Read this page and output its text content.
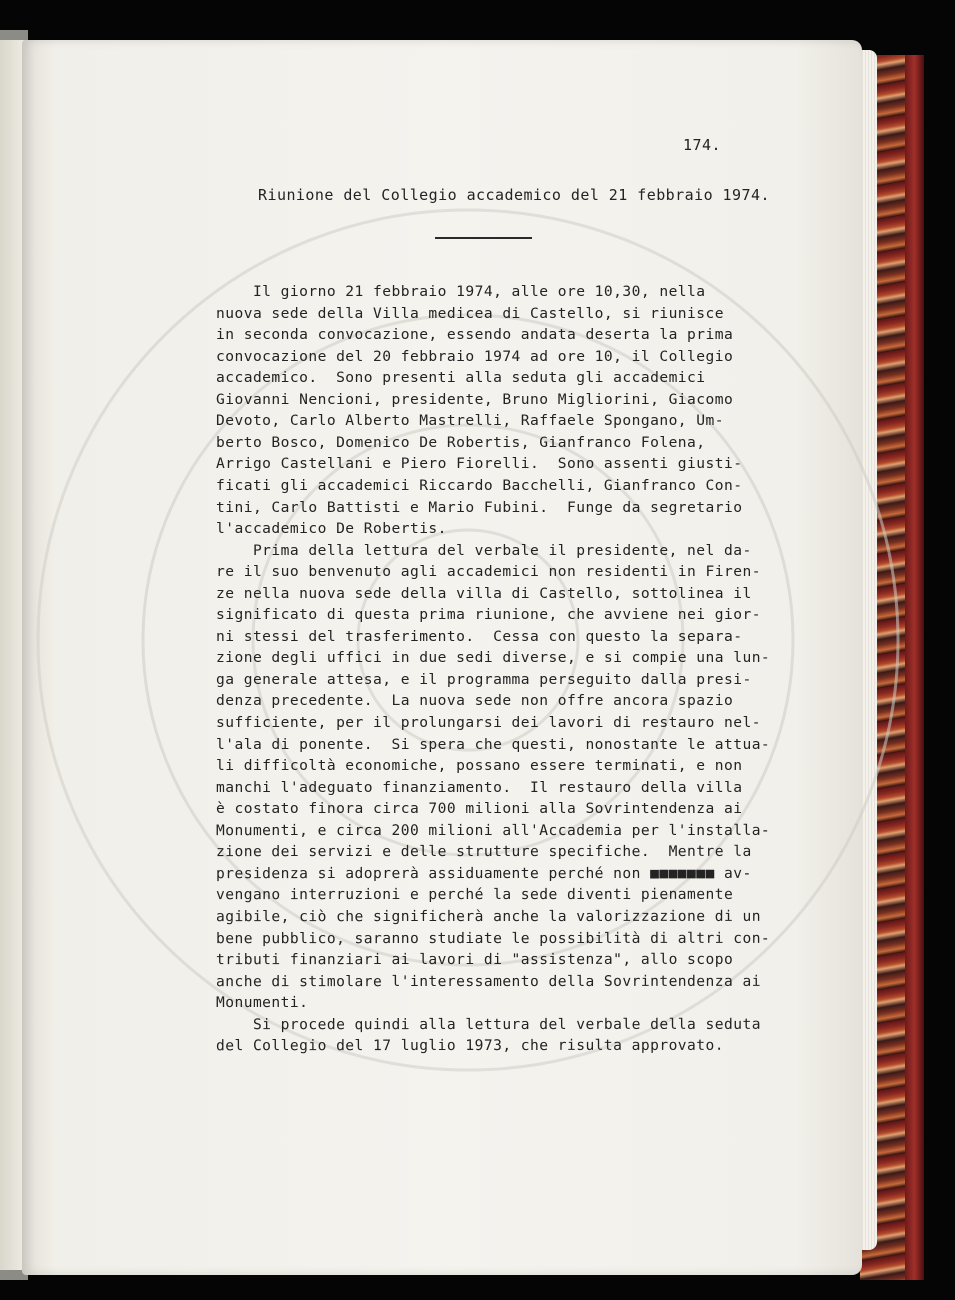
174.
Riunione del Collegio accademico del 21 febbraio 1974.
Il giorno 21 febbraio 1974, alle ore 10,30, nella
nuova sede della Villa medicea di Castello, si riunisce
in seconda convocazione, essendo andata deserta la prima
convocazione del 20 febbraio 1974 ad ore 10, il Collegio
accademico.  Sono presenti alla seduta gli accademici
Giovanni Nencioni, presidente, Bruno Migliorini, Giacomo
Devoto, Carlo Alberto Mastrelli, Raffaele Spongano, Um-
berto Bosco, Domenico De Robertis, Gianfranco Folena,
Arrigo Castellani e Piero Fiorelli.  Sono assenti giusti-
ficati gli accademici Riccardo Bacchelli, Gianfranco Con-
tini, Carlo Battisti e Mario Fubini.  Funge da segretario
l'accademico De Robertis.
Prima della lettura del verbale il presidente, nel da-
re il suo benvenuto agli accademici non residenti in Firen-
ze nella nuova sede della villa di Castello, sottolinea il
significato di questa prima riunione, che avviene nei gior-
ni stessi del trasferimento.  Cessa con questo la separa-
zione degli uffici in due sedi diverse, e si compie una lun-
ga generale attesa, e il programma perseguito dalla presi-
denza precedente.  La nuova sede non offre ancora spazio
sufficiente, per il prolungarsi dei lavori di restauro nel-
l'ala di ponente.  Si spera che questi, nonostante le attua-
li difficoltà economiche, possano essere terminati, e non
manchi l'adeguato finanziamento.  Il restauro della villa
è costato finora circa 700 milioni alla Sovrintendenza ai
Monumenti, e circa 200 milioni all'Accademia per l'installa-
zione dei servizi e delle strutture specifiche.  Mentre la
presidenza si adoprerà assiduamente perché non ■■■■■■■ av-
vengano interruzioni e perché la sede diventi pienamente
agibile, ciò che significherà anche la valorizzazione di un
bene pubblico, saranno studiate le possibilità di altri con-
tributi finanziari ai lavori di "assistenza", allo scopo
anche di stimolare l'interessamento della Sovrintendenza ai
Monumenti.
Si procede quindi alla lettura del verbale della seduta
del Collegio del 17 luglio 1973, che risulta approvato.
